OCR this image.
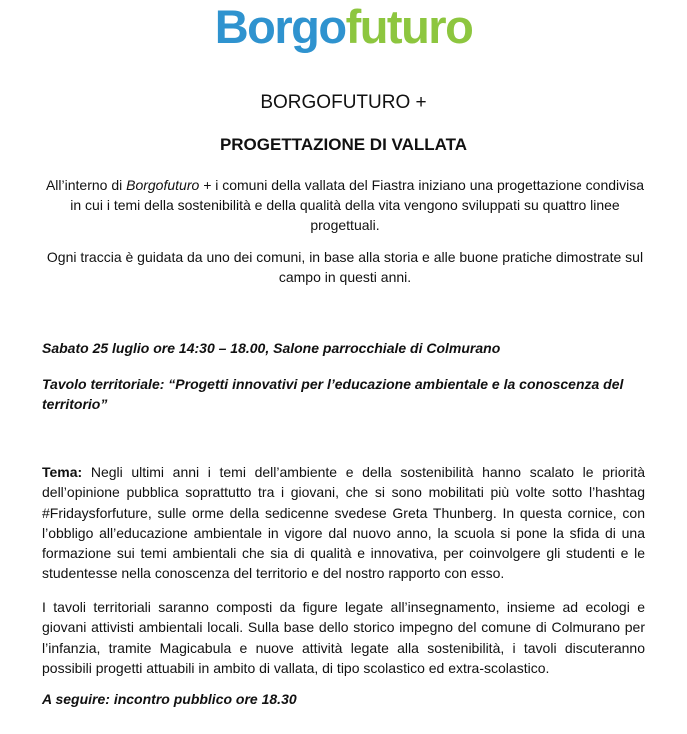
Borgofuturo
BORGOFUTURO +
PROGETTAZIONE DI VALLATA

All’interno di Borgofuturo + i comuni della vallata del Fiastra iniziano una progettazione condivisa in cui i temi della sostenibilità e della qualità della vita vengono sviluppati su quattro linee progettuali.

Ogni traccia è guidata da uno dei comuni, in base alla storia e alle buone pratiche dimostrate sul campo in questi anni.

Sabato 25 luglio ore 14:30 – 18.00, Salone parrocchiale di Colmurano

Tavolo territoriale: “Progetti innovativi per l’educazione ambientale e la conoscenza del territorio”

Tema: Negli ultimi anni i temi dell’ambiente e della sostenibilità hanno scalato le priorità dell’opinione pubblica soprattutto tra i giovani, che si sono mobilitati più volte sotto l’hashtag #Fridaysforfuture, sulle orme della sedicenne svedese Greta Thunberg. In questa cornice, con l’obbligo all’educazione ambientale in vigore dal nuovo anno, la scuola si pone la sfida di una formazione sui temi ambientali che sia di qualità e innovativa, per coinvolgere gli studenti e le studentesse nella conoscenza del territorio e del nostro rapporto con esso.

I tavoli territoriali saranno composti da figure legate all’insegnamento, insieme ad ecologi e giovani attivisti ambientali locali. Sulla base dello storico impegno del comune di Colmurano per l’infanzia, tramite Magicabula e nuove attività legate alla sostenibilità, i tavoli discuteranno possibili progetti attuabili in ambito di vallata, di tipo scolastico ed extra-scolastico.

A seguire: incontro pubblico ore 18.30
